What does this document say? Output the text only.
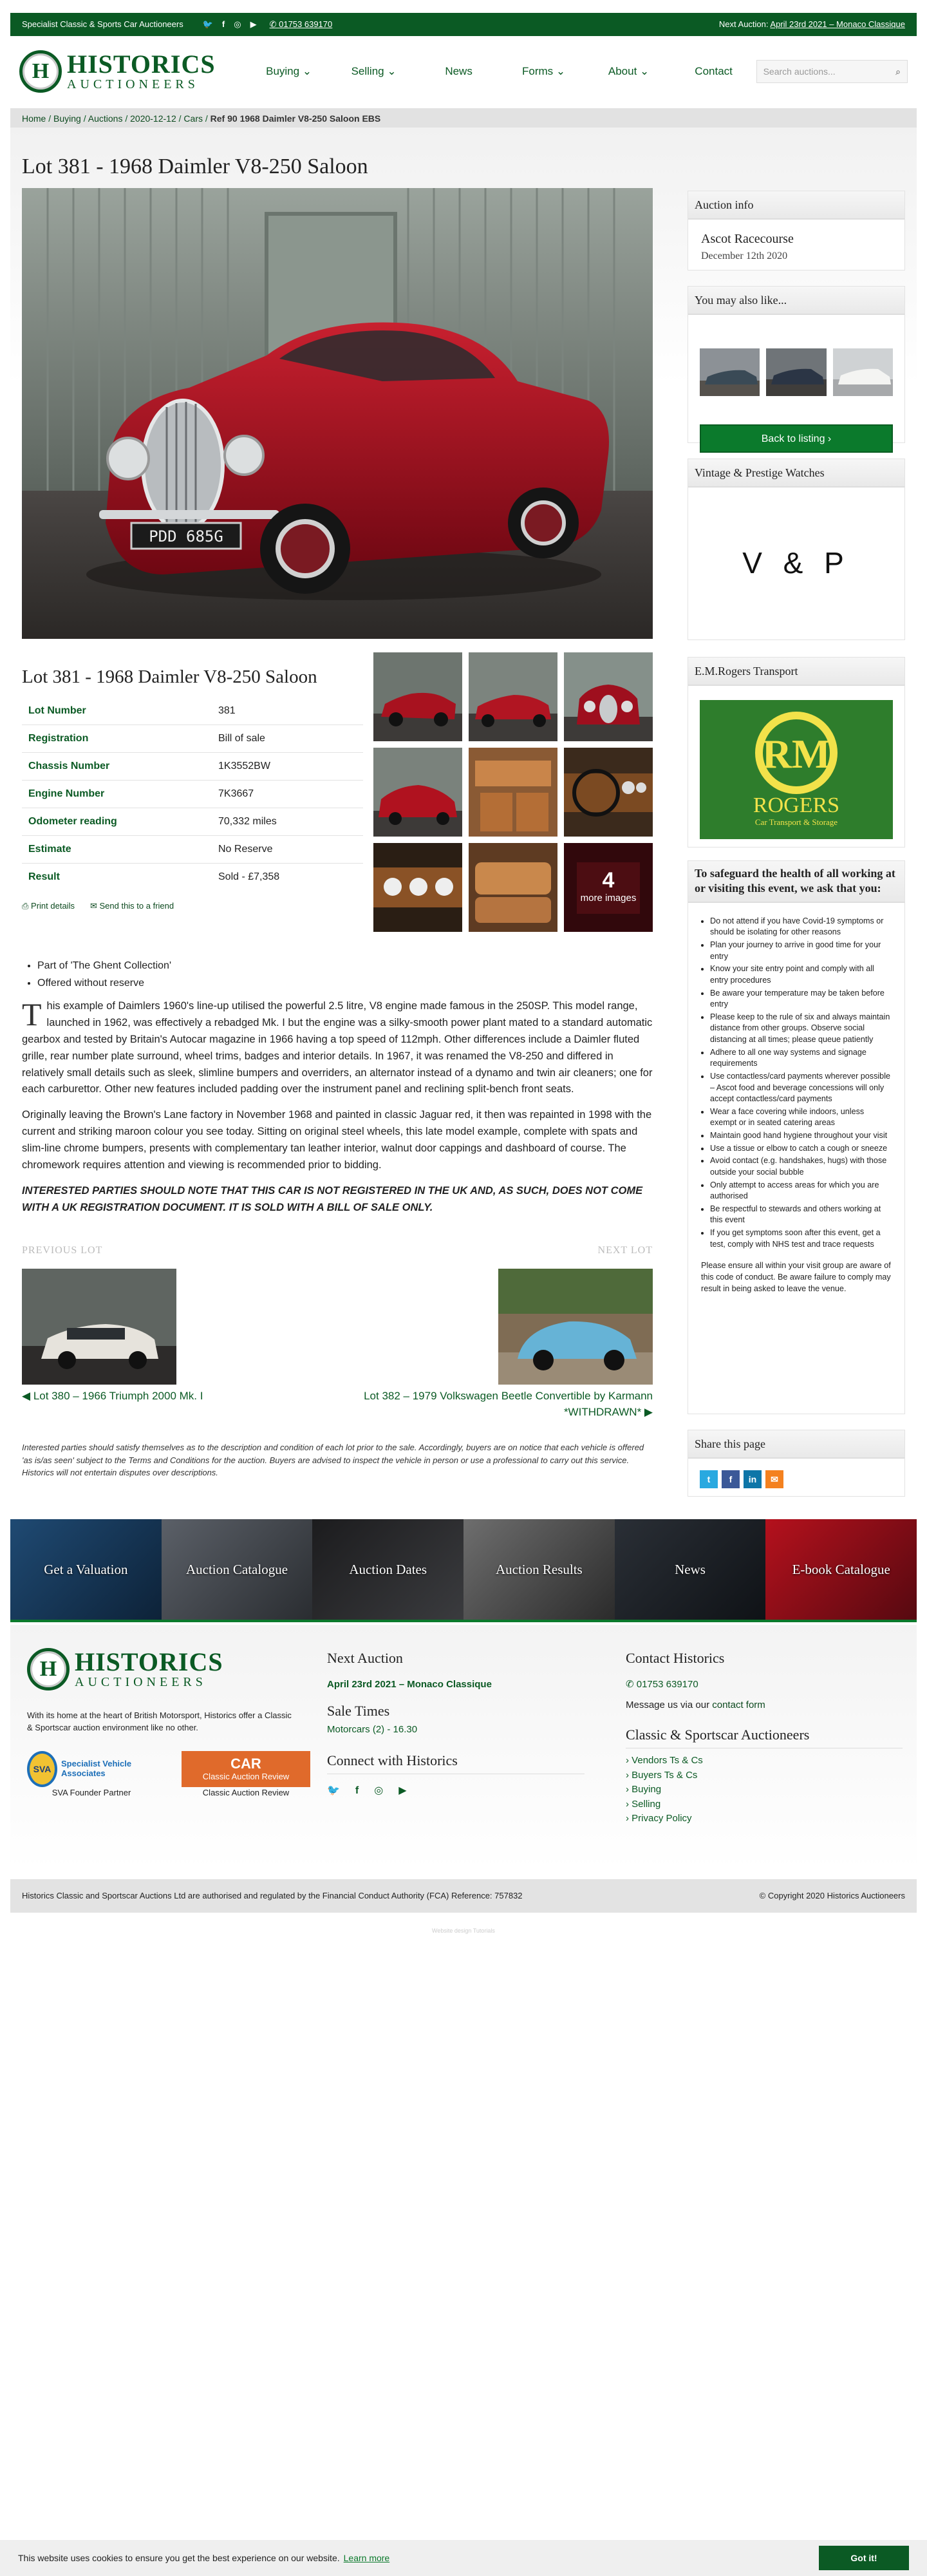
Specialist Classic & Sports Car Auctioneers 🐦 f ◎ ▶ ✆ 01753 639170	Next Auction: April 23rd 2021 – Monaco Classique
H HISTORICS
AUCTIONEERS
Buying ⌄	Selling ⌄	News	Forms ⌄	About ⌄	Contact	Search auctions...	⌕
Home / Buying / Auctions / 2020-12-12 / Cars / Ref 90 1968 Daimler V8-250 Saloon EBS
Lot 381 - 1968 Daimler V8-250 Saloon
PDD 685G
Lot 381 - 1968 Daimler V8-250 Saloon
Lot Number	381
Registration	Bill of sale
Chassis Number	1K3552BW
Engine Number	7K3667
Odometer reading	70,332 miles
Estimate	No Reserve
Result	Sold - £7,358
⎙ Print details ✉ Send this to a friend
4
more images
• Part of 'The Ghent Collection'
• Offered without reserve

This example of Daimlers 1960's line-up utilised the powerful 2.5 litre, V8 engine made famous in the 250SP. This model range, launched in 1962, was effectively a rebadged Mk. I but the engine was a silky-smooth power plant mated to a standard automatic gearbox and tested by Britain's Autocar magazine in 1966 having a top speed of 112mph. Other differences include a Daimler fluted grille, rear number plate surround, wheel trims, badges and interior details. In 1967, it was renamed the V8-250 and differed in relatively small details such as sleek, slimline bumpers and overriders, an alternator instead of a dynamo and twin air cleaners; one for each carburettor. Other new features included padding over the instrument panel and reclining split-bench front seats.

Originally leaving the Brown's Lane factory in November 1968 and painted in classic Jaguar red, it then was repainted in 1998 with the current and striking maroon colour you see today. Sitting on original steel wheels, this late model example, complete with spats and slim-line chrome bumpers, presents with complementary tan leather interior, walnut door cappings and dashboard of course. The chromework requires attention and viewing is recommended prior to bidding.

INTERESTED PARTIES SHOULD NOTE THAT THIS CAR IS NOT REGISTERED IN THE UK AND, AS SUCH, DOES NOT COME WITH A UK REGISTRATION DOCUMENT. IT IS SOLD WITH A BILL OF SALE ONLY.

PREVIOUS LOT	NEXT LOT
◀ Lot 380 – 1966 Triumph 2000 Mk. I	Lot 382 – 1979 Volkswagen Beetle Convertible by Karmann *WITHDRAWN* ▶
Interested parties should satisfy themselves as to the description and condition of each lot prior to the sale. Accordingly, buyers are on notice that each vehicle is offered 'as is/as seen' subject to the Terms and Conditions for the auction. Buyers are advised to inspect the vehicle in person or use a professional to carry out this service. Historics will not entertain disputes over descriptions.
Auction info
Ascot Racecourse
December 12th 2020
You may also like...
Back to listing
›
Vintage & Prestige Watches
V & P
E.M.Rogers Transport
RM
ROGERS
Car Transport & Storage
To safeguard the health of all working at or visiting this event, we ask that you:
• Do not attend if you have Covid-19 symptoms or should be isolating for other reasons
• Plan your journey to arrive in good time for your entry
• Know your site entry point and comply with all entry procedures
• Be aware your temperature may be taken before entry
• Please keep to the rule of six and always maintain distance from other groups. Observe social distancing at all times; please queue patiently
• Adhere to all one way systems and signage requirements
• Use contactless/card payments wherever possible – Ascot food and beverage concessions will only accept contactless/card payments
• Wear a face covering while indoors, unless exempt or in seated catering areas
• Maintain good hand hygiene throughout your visit
• Use a tissue or elbow to catch a cough or sneeze
• Avoid contact (e.g. handshakes, hugs) with those outside your social bubble
• Only attempt to access areas for which you are authorised
• Be respectful to stewards and others working at this event
• If you get symptoms soon after this event, get a test, comply with NHS test and trace requests
Please ensure all within your visit group are aware of this code of conduct. Be aware failure to comply may result in being asked to leave the venue.
Share this page
t	f	in	✉
Get a Valuation	Auction Catalogue	Auction Dates	Auction Results	News	E-book Catalogue
H HISTORICS
AUCTIONEERS
With its home at the heart of British Motorsport, Historics offer a Classic & Sportscar auction environment like no other.
SVA	Specialist Vehicle Associates
SVA Founder Partner
CAR
Classic Auction Review
Classic Auction Review
Next Auction
April 23rd 2021 – Monaco Classique
Sale Times
Motorcars (2) - 16.30
Connect with Historics
🐦 f ◎ ▶
Contact Historics
✆ 01753 639170
Message us via our contact form
Classic & Sportscar Auctioneers
› Vendors Ts & Cs
› Buyers Ts & Cs
› Buying
› Selling
› Privacy Policy
Historics Classic and Sportscar Auctions Ltd are authorised and regulated by the Financial Conduct Authority (FCA) Reference: 757832	© Copyright 2020 Historics Auctioneers
Website design Tutorials
This website uses cookies to ensure you get the best experience on our website. Learn more	Got it!
